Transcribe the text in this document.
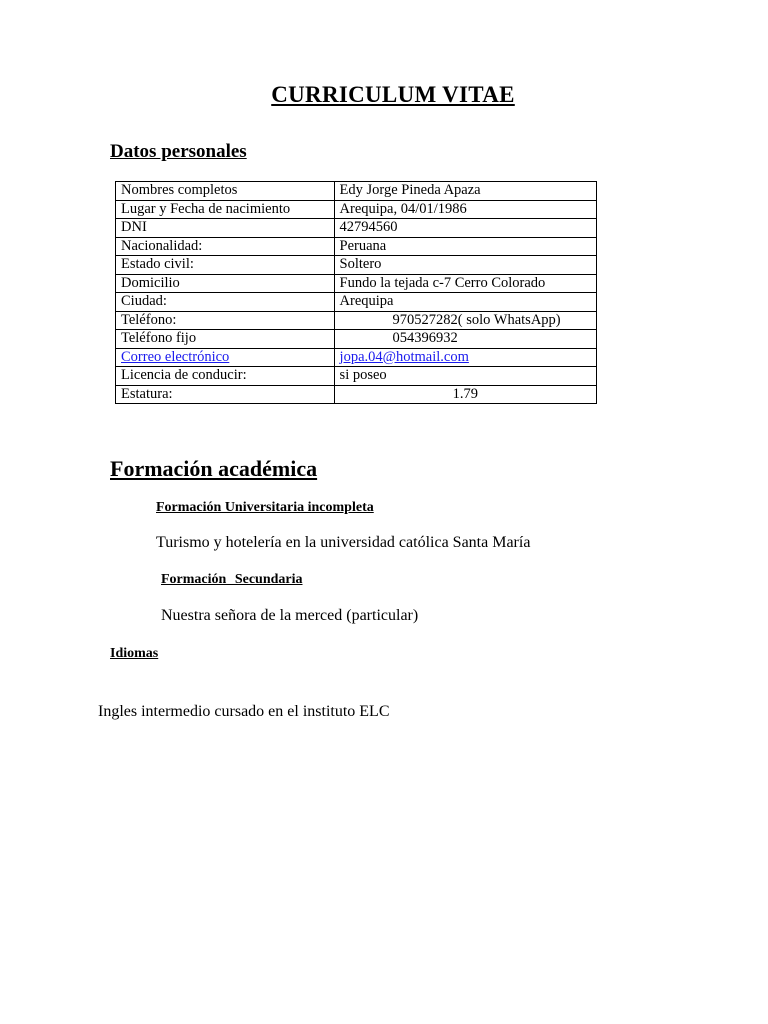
CURRICULUM VITAE
Datos personales
Nombres completos	Edy Jorge Pineda Apaza
Lugar y Fecha de nacimiento	Arequipa, 04/01/1986
DNI	42794560
Nacionalidad:	Peruana
Estado civil:	Soltero
Domicilio	Fundo la tejada c-7 Cerro Colorado
Ciudad:	Arequipa
Teléfono:	970527282( solo WhatsApp)
Teléfono fijo	054396932
Correo electrónico	jopa.04@hotmail.com
Licencia de conducir:	si poseo
Estatura:	1.79
Formación académica
Formación Universitaria incompleta
Turismo y hotelería en la universidad católica Santa María
Formación Secundaria
Nuestra señora de la merced (particular)
Idiomas
Ingles intermedio cursado en el instituto ELC
